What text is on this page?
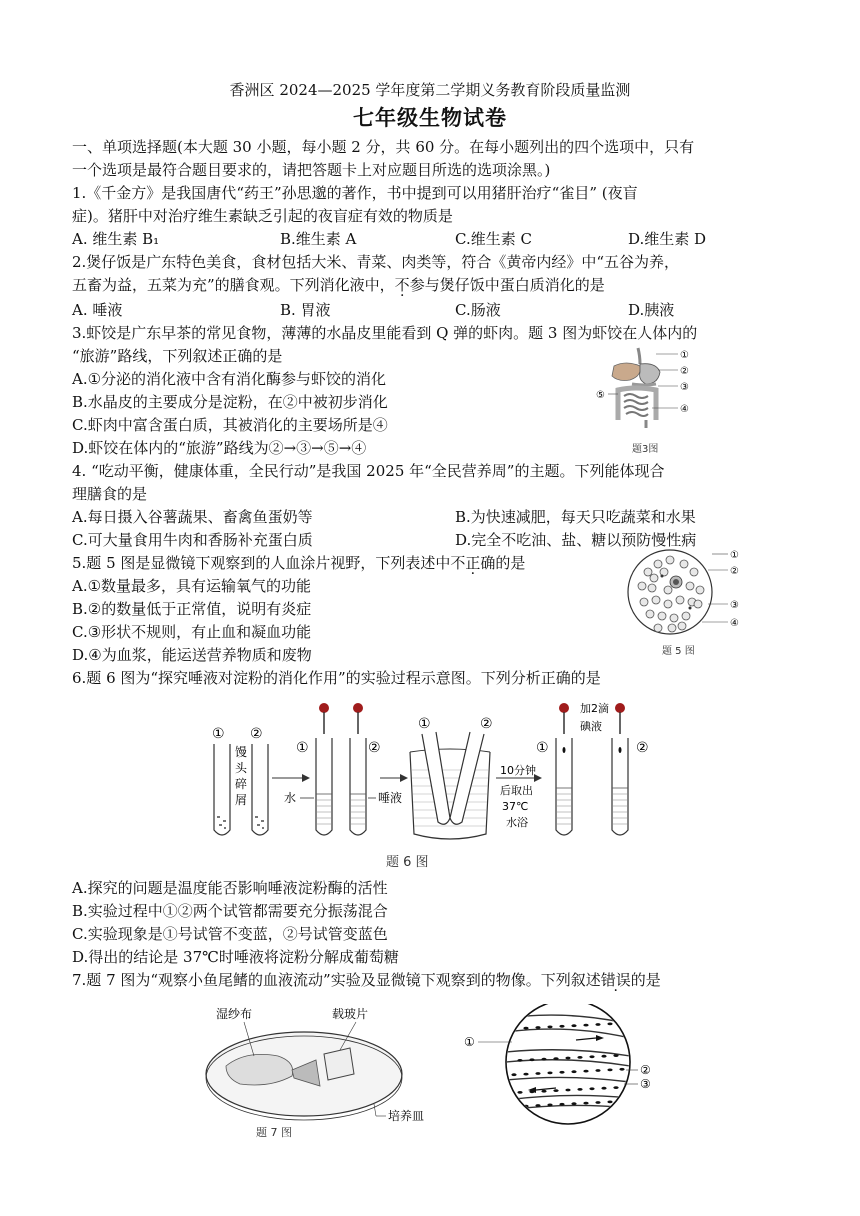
香洲区 2024—2025 学年度第二学期义务教育阶段质量监测
七年级生物试卷
一、单项选择题(本大题 30 小题，每小题 2 分，共 60 分。在每小题列出的四个选项中，只有
一个选项是最符合题目要求的，请把答题卡上对应题目所选的选项涂黑。)
1.《千金方》是我国唐代“药王”孙思邈的著作，书中提到可以用猪肝治疗“雀目” (夜盲
症)。猪肝中对治疗维生素缺乏引起的夜盲症有效的物质是
A. 维生素 B₁	B.维生素 A	C.维生素 C	D.维生素 D
2.煲仔饭是广东特色美食，食材包括大米、青菜、肉类等，符合《黄帝内经》中“五谷为养，
五畜为益，五菜为充”的膳食观。下列消化液中，不参与煲仔饭中蛋白质消化的是
A. 唾液	B. 胃液	C.肠液	D.胰液
3.虾饺是广东早茶的常见食物，薄薄的水晶皮里能看到 Q 弹的虾肉。题 3 图为虾饺在人体内的
“旅游”路线，下列叙述正确的是
A.①分泌的消化液中含有消化酶参与虾饺的消化
B.水晶皮的主要成分是淀粉，在②中被初步消化
C.虾肉中富含蛋白质，其被消化的主要场所是④
D.虾饺在体内的“旅游”路线为②→③→⑤→④
①
②
③
④
⑤
题3图
4. “吃动平衡，健康体重，全民行动”是我国 2025 年“全民营养周”的主题。下列能体现合
理膳食的是
A.每日摄入谷薯蔬果、畜禽鱼蛋奶等	B.为快速减肥，每天只吃蔬菜和水果
C.可大量食用牛肉和香肠补充蛋白质	D.完全不吃油、盐、糖以预防慢性病
5.题 5 图是显微镜下观察到的人血涂片视野，下列表述中不正确的是
A.①数量最多，具有运输氧气的功能
B.②的数量低于正常值，说明有炎症
C.③形状不规则，有止血和凝血功能
D.④为血浆，能运送营养物质和废物
①
②
③
④
题 5 图
6.题 6 图为“探究唾液对淀粉的消化作用”的实验过程示意图。下列分析正确的是
① ②
馒头碎屑
①	②
水	唾液
①	②
10分钟
后取出
37℃
水浴
①	②
加2滴
碘液
题 6 图
A.探究的问题是温度能否影响唾液淀粉酶的活性
B.实验过程中①②两个试管都需要充分振荡混合
C.实验现象是①号试管不变蓝，②号试管变蓝色
D.得出的结论是 37℃时唾液将淀粉分解成葡萄糖
7.题 7 图为“观察小鱼尾鳍的血液流动”实验及显微镜下观察到的物像。下列叙述错误的是
湿纱布	载玻片
培养皿
①
②
③
题 7 图
